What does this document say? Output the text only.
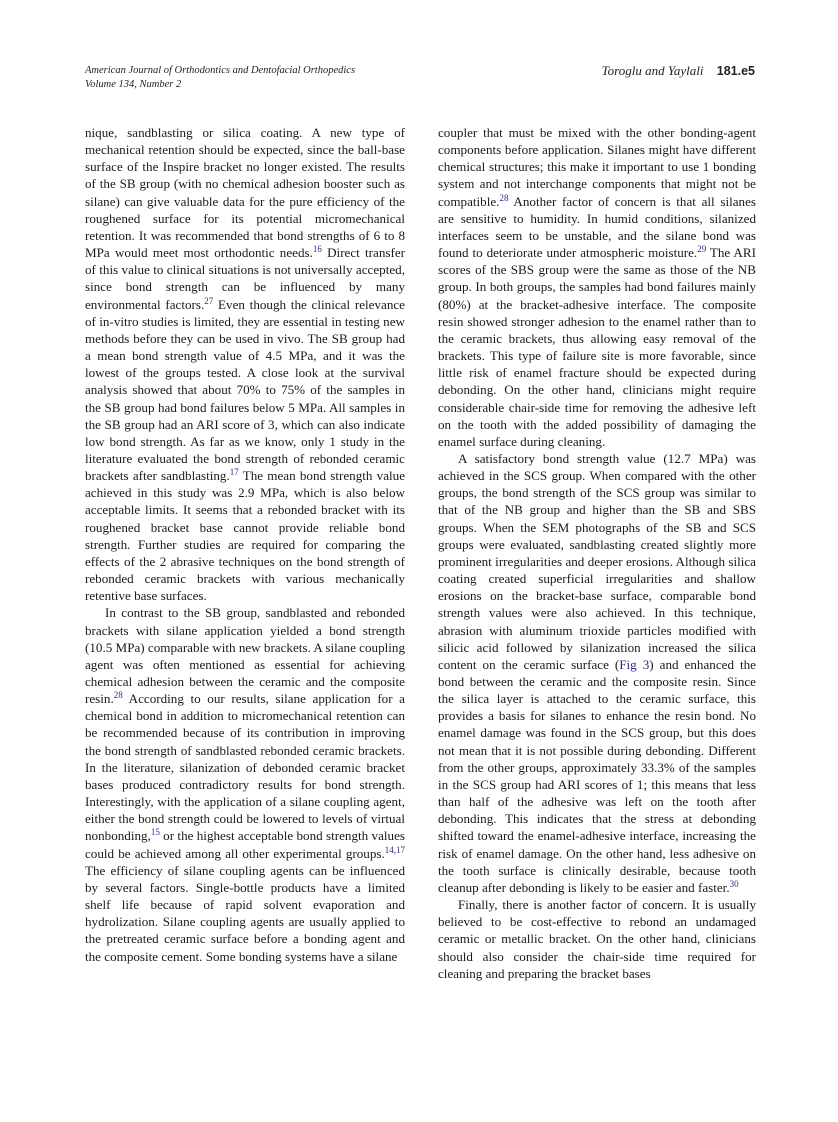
American Journal of Orthodontics and Dentofacial Orthopedics
Volume 134, Number 2
Toroglu and Yaylali 181.e5

nique, sandblasting or silica coating. A new type of mechanical retention should be expected, since the ball-base surface of the Inspire bracket no longer existed. The results of the SB group (with no chemical adhesion booster such as silane) can give valuable data for the pure efficiency of the roughened surface for its potential micromechanical retention. It was recommended that bond strengths of 6 to 8 MPa would meet most orthodontic needs.$^{16}$ Direct transfer of this value to clinical situations is not universally accepted, since bond strength can be influenced by many environmental factors.$^{27}$ Even though the clinical relevance of in-vitro studies is limited, they are essential in testing new methods before they can be used in vivo. The SB group had a mean bond strength value of 4.5 MPa, and it was the lowest of the groups tested. A close look at the survival analysis showed that about 70% to 75% of the samples in the SB group had bond failures below 5 MPa. All samples in the SB group had an ARI score of 3, which can also indicate low bond strength. As far as we know, only 1 study in the literature evaluated the bond strength of rebonded ceramic brackets after sandblasting.$^{17}$ The mean bond strength value achieved in this study was 2.9 MPa, which is also below acceptable limits. It seems that a rebonded bracket with its roughened bracket base cannot provide reliable bond strength. Further studies are required for comparing the effects of the 2 abrasive techniques on the bond strength of rebonded ceramic brackets with various mechanically retentive base surfaces.

In contrast to the SB group, sandblasted and rebonded brackets with silane application yielded a bond strength (10.5 MPa) comparable with new brackets. A silane coupling agent was often mentioned as essential for achieving chemical adhesion between the ceramic and the composite resin.$^{28}$ According to our results, silane application for a chemical bond in addition to micromechanical retention can be recommended because of its contribution in improving the bond strength of sandblasted rebonded ceramic brackets. In the literature, silanization of debonded ceramic bracket bases produced contradictory results for bond strength. Interestingly, with the application of a silane coupling agent, either the bond strength could be lowered to levels of virtual nonbonding,$^{15}$ or the highest acceptable bond strength values could be achieved among all other experimental groups.$^{14,17}$ The efficiency of silane coupling agents can be influenced by several factors. Single-bottle products have a limited shelf life because of rapid solvent evaporation and hydrolization. Silane coupling agents are usually applied to the pretreated ceramic surface before a bonding agent and the composite cement. Some bonding systems have a silane

coupler that must be mixed with the other bonding-agent components before application. Silanes might have different chemical structures; this make it important to use 1 bonding system and not interchange components that might not be compatible.$^{28}$ Another factor of concern is that all silanes are sensitive to humidity. In humid conditions, silanized interfaces seem to be unstable, and the silane bond was found to deteriorate under atmospheric moisture.$^{29}$ The ARI scores of the SBS group were the same as those of the NB group. In both groups, the samples had bond failures mainly (80%) at the bracket-adhesive interface. The composite resin showed stronger adhesion to the enamel rather than to the ceramic brackets, thus allowing easy removal of the brackets. This type of failure site is more favorable, since little risk of enamel fracture should be expected during debonding. On the other hand, clinicians might require considerable chair-side time for removing the adhesive left on the tooth with the added possibility of damaging the enamel surface during cleaning.

A satisfactory bond strength value (12.7 MPa) was achieved in the SCS group. When compared with the other groups, the bond strength of the SCS group was similar to that of the NB group and higher than the SB and SBS groups. When the SEM photographs of the SB and SCS groups were evaluated, sandblasting created slightly more prominent irregularities and deeper erosions. Although silica coating created superficial irregularities and shallow erosions on the bracket-base surface, comparable bond strength values were also achieved. In this technique, abrasion with aluminum trioxide particles modified with silicic acid followed by silanization increased the silica content on the ceramic surface (Fig 3) and enhanced the bond between the ceramic and the composite resin. Since the silica layer is attached to the ceramic surface, this provides a basis for silanes to enhance the resin bond. No enamel damage was found in the SCS group, but this does not mean that it is not possible during debonding. Different from the other groups, approximately 33.3% of the samples in the SCS group had ARI scores of 1; this means that less than half of the adhesive was left on the tooth after debonding. This indicates that the stress at debonding shifted toward the enamel-adhesive interface, increasing the risk of enamel damage. On the other hand, less adhesive on the tooth surface is clinically desirable, because tooth cleanup after debonding is likely to be easier and faster.$^{30}$

Finally, there is another factor of concern. It is usually believed to be cost-effective to rebond an undamaged ceramic or metallic bracket. On the other hand, clinicians should also consider the chair-side time required for cleaning and preparing the bracket bases
